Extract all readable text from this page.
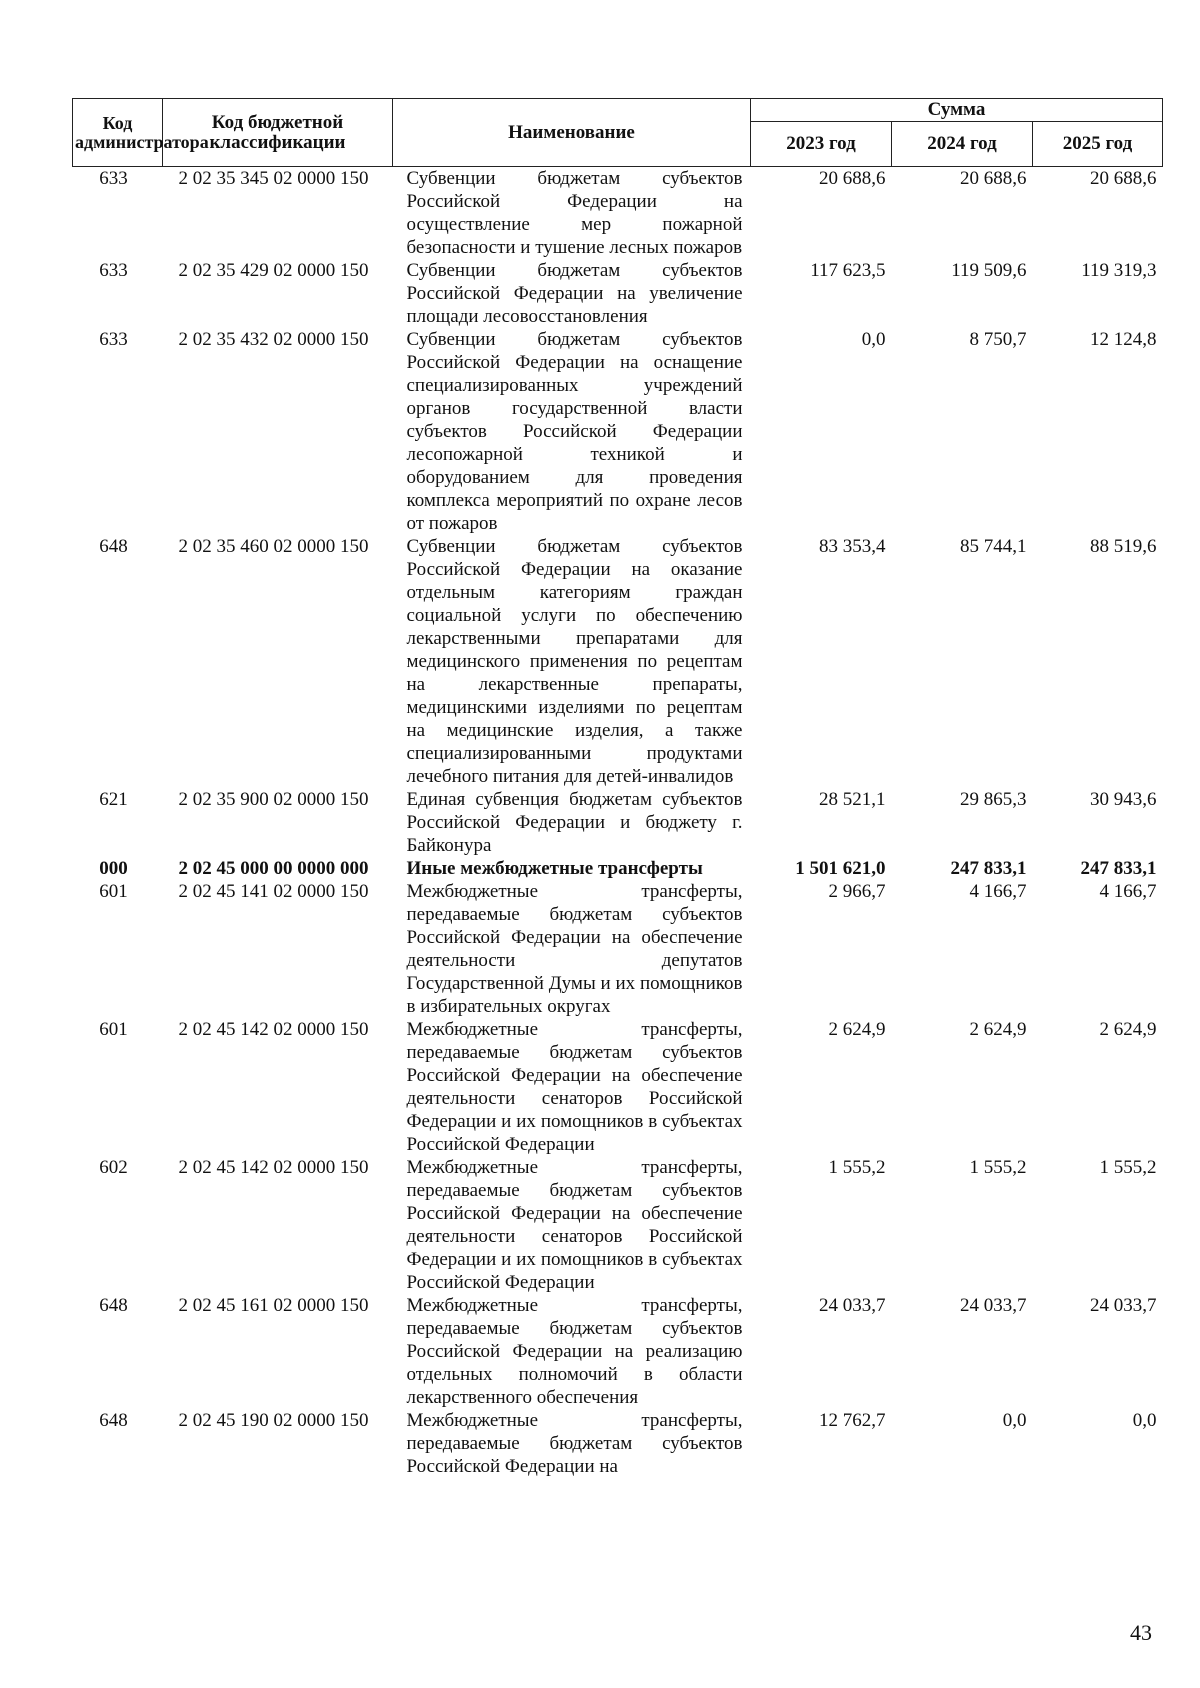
Код администратора	Код бюджетной классификации	Наименование	Сумма		
			2023 год	2024 год	2025 год
633	2 02 35 345 02 0000 150	Субвенции бюджетам субъектов Российской Федерации на осуществление мер пожарной безопасности и тушение лесных пожаров	20 688,6	20 688,6	20 688,6
633	2 02 35 429 02 0000 150	Субвенции бюджетам субъектов Российской Федерации на увеличение площади лесовосстановления	117 623,5	119 509,6	119 319,3
633	2 02 35 432 02 0000 150	Субвенции бюджетам субъектов Российской Федерации на оснащение специализированных учреждений органов государственной власти субъектов Российской Федерации лесопожарной техникой и оборудованием для проведения комплекса мероприятий по охране лесов от пожаров	0,0	8 750,7	12 124,8
648	2 02 35 460 02 0000 150	Субвенции бюджетам субъектов Российской Федерации на оказание отдельным категориям граждан социальной услуги по обеспечению лекарственными препаратами для медицинского применения по рецептам на лекарственные препараты, медицинскими изделиями по рецептам на медицинские изделия, а также специализированными продуктами лечебного питания для детей-инвалидов	83 353,4	85 744,1	88 519,6
621	2 02 35 900 02 0000 150	Единая субвенция бюджетам субъектов Российской Федерации и бюджету г. Байконура	28 521,1	29 865,3	30 943,6
000	2 02 45 000 00 0000 000	Иные межбюджетные трансферты	1 501 621,0	247 833,1	247 833,1
601	2 02 45 141 02 0000 150	Межбюджетные трансферты, передаваемые бюджетам субъектов Российской Федерации на обеспечение деятельности депутатов Государственной Думы и их помощников в избирательных округах	2 966,7	4 166,7	4 166,7
601	2 02 45 142 02 0000 150	Межбюджетные трансферты, передаваемые бюджетам субъектов Российской Федерации на обеспечение деятельности сенаторов Российской Федерации и их помощников в субъектах Российской Федерации	2 624,9	2 624,9	2 624,9
602	2 02 45 142 02 0000 150	Межбюджетные трансферты, передаваемые бюджетам субъектов Российской Федерации на обеспечение деятельности сенаторов Российской Федерации и их помощников в субъектах Российской Федерации	1 555,2	1 555,2	1 555,2
648	2 02 45 161 02 0000 150	Межбюджетные трансферты, передаваемые бюджетам субъектов Российской Федерации на реализацию отдельных полномочий в области лекарственного обеспечения	24 033,7	24 033,7	24 033,7
648	2 02 45 190 02 0000 150	Межбюджетные трансферты, передаваемые бюджетам субъектов Российской Федерации на	12 762,7	0,0	0,0
43
